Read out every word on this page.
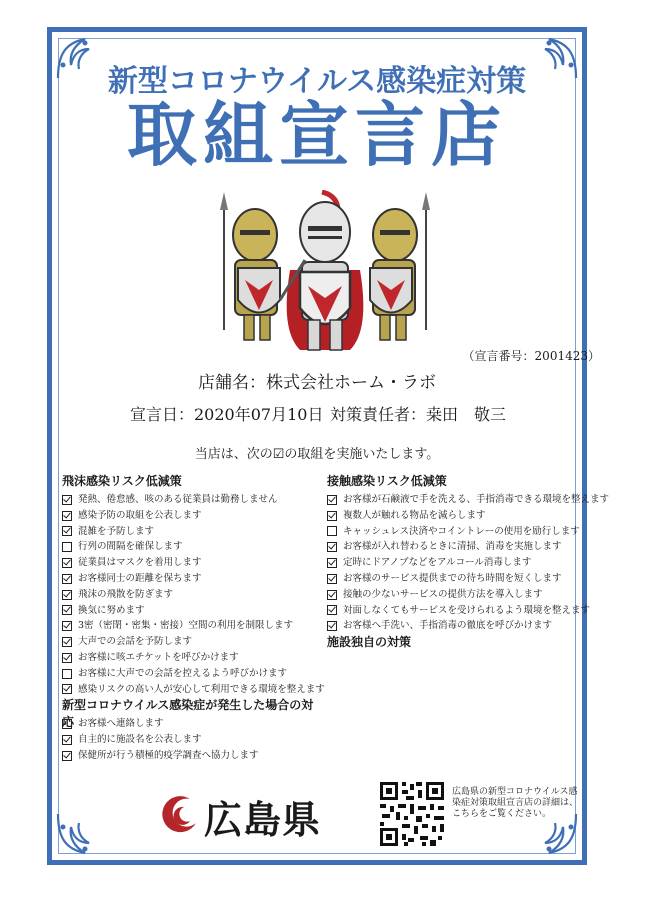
新型コロナウイルス感染症対策
取組宣言店
（宣言番号：2001423）
店舗名：株式会社ホーム・ラボ
宣言日：2020年07月10日 対策責任者：桒田　敬三
当店は、次の☑の取組を実施いたします。
飛沫感染リスク低減策
発熱、倦怠感、咳のある従業員は勤務しません
感染予防の取組を公表します
混雑を予防します
行列の間隔を確保します
従業員はマスクを着用します
お客様同士の距離を保ちます
飛沫の飛散を防ぎます
換気に努めます
3密（密閉・密集・密接）空間の利用を制限します
大声での会話を予防します
お客様に咳エチケットを呼びかけます
お客様に大声での会話を控えるよう呼びかけます
感染リスクの高い人が安心して利用できる環境を整えます
新型コロナウイルス感染症が発生した場合の対応 お客様へ連絡します
自主的に施設名を公表します
保健所が行う積極的疫学調査へ協力します
接触感染リスク低減策
お客様が石鹸液で手を洗える、手指消毒できる環境を整えます
複数人が触れる物品を減らします
キャッシュレス決済やコイントレーの使用を励行します
お客様が入れ替わるときに清掃、消毒を実施します
定時にドアノブなどをアルコール消毒します
お客様のサービス提供までの待ち時間を短くします
接触の少ないサービスの提供方法を導入します
対面しなくてもサービスを受けられるよう環境を整えます
お客様へ手洗い、手指消毒の徹底を呼びかけます
施設独自の対策
広島県
広島県の新型コロナウイルス感染症対策取組宣言店の詳細は、こちらをご覧ください。
